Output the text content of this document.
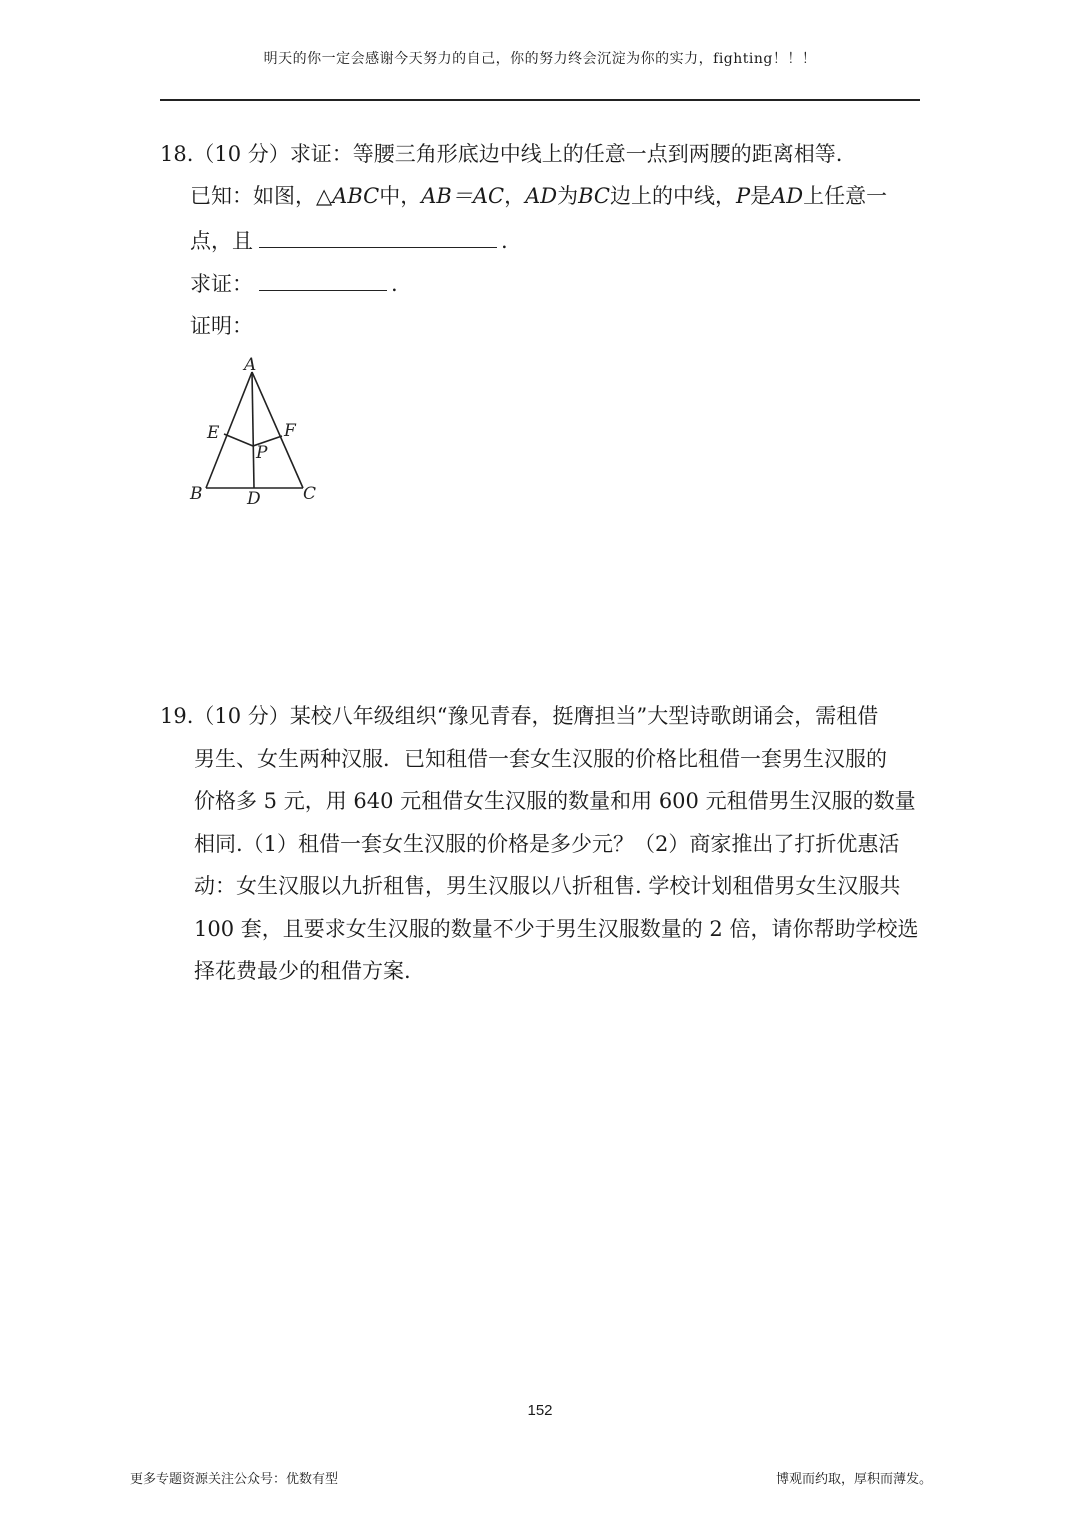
明天的你一定会感谢今天努力的自己，你的努力终会沉淀为你的实力，fighting！！！
18.（10 分）求证：等腰三角形底边中线上的任意一点到两腰的距离相等.
已知：如图，△ABC中，AB＝AC，AD为BC边上的中线，P是AD上任意一
点，且	.
求证：	.
证明：
A
B	C
D
E	F
P
19.（10 分）某校八年级组织“豫见青春，挺膺担当”大型诗歌朗诵会，需租借
男生、女生两种汉服．已知租借一套女生汉服的价格比租借一套男生汉服的
价格多 5 元，用 640 元租借女生汉服的数量和用 600 元租借男生汉服的数量
相同.（1）租借一套女生汉服的价格是多少元？（2）商家推出了打折优惠活
动：女生汉服以九折租售，男生汉服以八折租售. 学校计划租借男女生汉服共
100 套，且要求女生汉服的数量不少于男生汉服数量的 2 倍，请你帮助学校选
择花费最少的租借方案.
152
更多专题资源关注公众号：优数有型	博观而约取，厚积而薄发。
